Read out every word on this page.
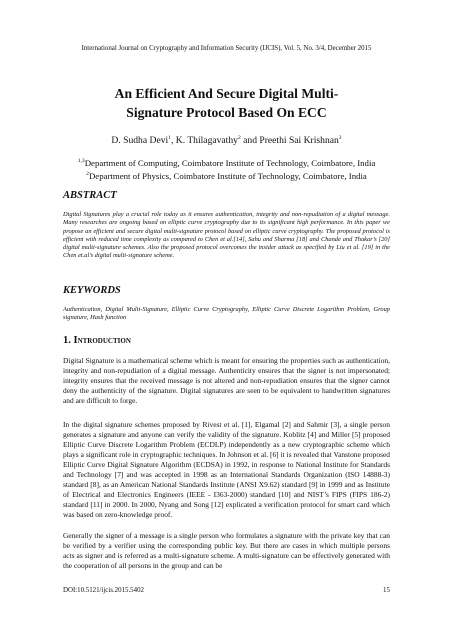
International Journal on Cryptography and Information Security (IJCIS), Vol. 5, No. 3/4, December 2015
An Efficient And Secure Digital Multi-
Signature Protocol Based On ECC
D. Sudha Devi$^1$, K. Thilagavathy$^2$ and Preethi Sai Krishnan$^3$
$^{1,3}$Department of Computing, Coimbatore Institute of Technology, Coimbatore, India
$^2$Department of Physics, Coimbatore Institute of Technology, Coimbatore, India
ABSTRACT
Digital Signatures play a crucial role today as it ensures authentication, integrity and non-repudiation of a digital message. Many researches are ongoing based on elliptic curve cryptography due to its significant high performance. In this paper we propose an efficient and secure digital multi-signature protocol based on elliptic curve cryptography. The proposed protocol is efficient with reduced time complexity as compared to Chen et al.[14], Sahu and Sharma [18] and Chande and Thakar’s [20] digital multi-signature schemes. Also the proposed protocol overcomes the insider attack as specified by Liu et al. [19] in the Chen et.al’s digital multi-signature scheme.
KEYWORDS
Authentication, Digital Multi-Signature, Elliptic Curve Cryptography, Elliptic Curve Discrete Logarithm Problem, Group signature, Hash function
1. Introduction
Digital Signature is a mathematical scheme which is meant for ensuring the properties such as authentication, integrity and non-repudiation of a digital message. Authenticity ensures that the signer is not impersonated; integrity ensures that the received message is not altered and non-repudiation ensures that the signer cannot deny the authenticity of the signature. Digital signatures are seen to be equivalent to handwritten signatures and are difficult to forge.
In the digital signature schemes proposed by Rivest et al. [1], Elgamal [2] and Sahmir [3], a single person generates a signature and anyone can verify the validity of the signature. Koblitz [4] and Miller [5] proposed Elliptic Curve Discrete Logarithm Problem (ECDLP) independently as a new cryptographic scheme which plays a significant role in cryptographic techniques. In Johnson et al. [6] it is revealed that Vanstone proposed Elliptic Curve Digital Signature Algorithm (ECDSA) in 1992, in response to National Institute for Standards and Technology [7] and was accepted in 1998 as an International Standards Organization (ISO 14888-3) standard [8], as an American National Standards Institute (ANSI X9.62) standard [9] in 1999 and as Institute of Electrical and Electronics Engineers (IEEE - I363-2000) standard [10] and NIST’s FIPS (FIPS 186-2) standard [11] in 2000. In 2000, Nyang and Song [12] explicated a verification protocol for smart card which was based on zero-knowledge proof.
Generally the signer of a message is a single person who formulates a signature with the private key that can be verified by a verifier using the corresponding public key. But there are cases in which multiple persons acts as signer and is referred as a multi-signature scheme. A multi-signature can be effectively generated with the cooperation of all persons in the group and can be
DOI:10.5121/ijcis.2015.5402	15
